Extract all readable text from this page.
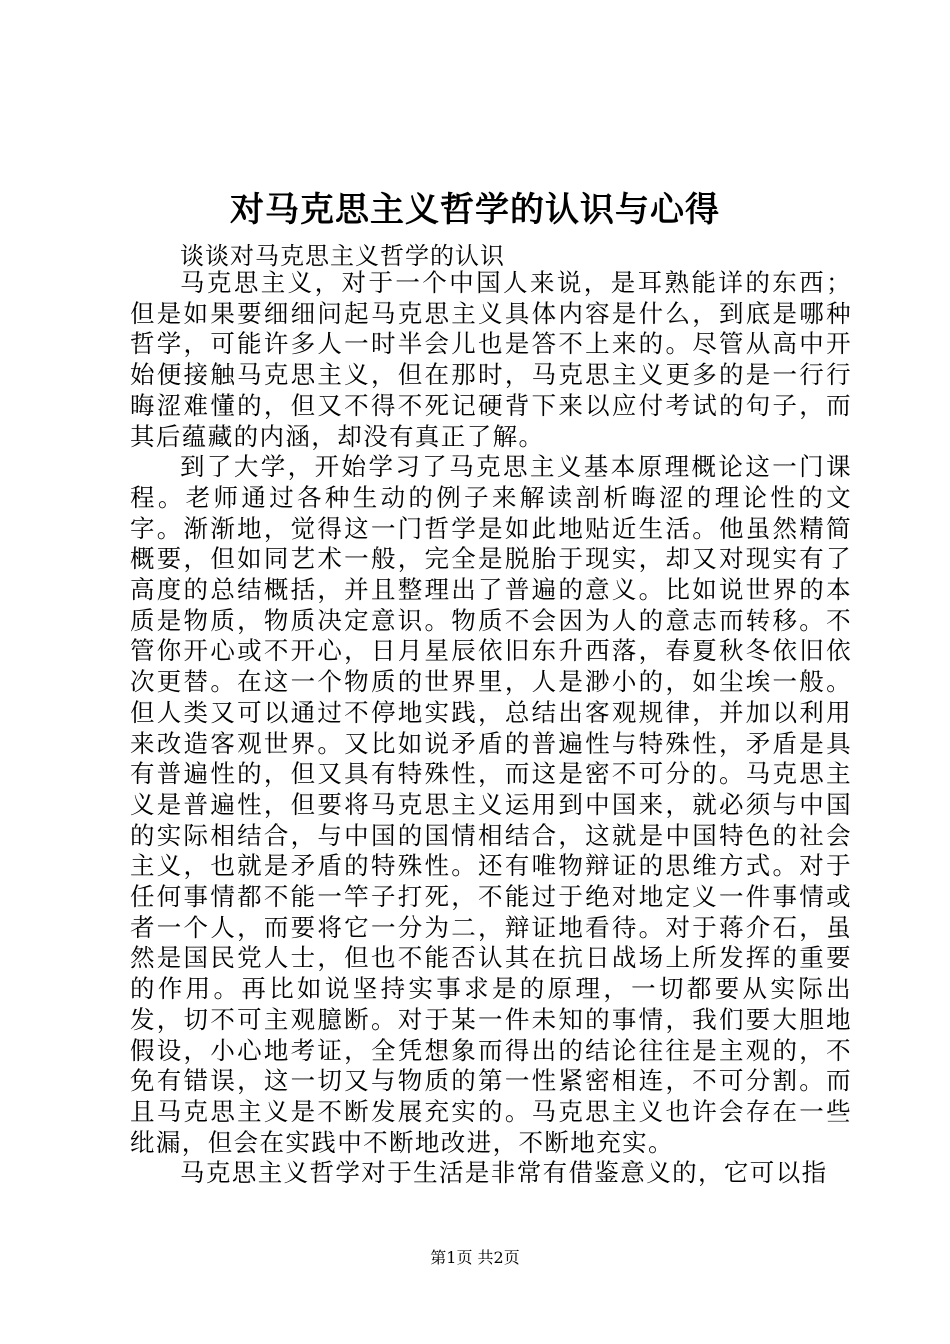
对马克思主义哲学的认识与心得
谈谈对马克思主义哲学的认识

马克思主义，对于一个中国人来说，是耳熟能详的东西；但是如果要细细问起马克思主义具体内容是什么，到底是哪种哲学，可能许多人一时半会儿也是答不上来的。尽管从高中开始便接触马克思主义，但在那时，马克思主义更多的是一行行晦涩难懂的，但又不得不死记硬背下来以应付考试的句子，而其后蕴藏的内涵，却没有真正了解。

到了大学，开始学习了马克思主义基本原理概论这一门课程。老师通过各种生动的例子来解读剖析晦涩的理论性的文字。渐渐地，觉得这一门哲学是如此地贴近生活。他虽然精简概要，但如同艺术一般，完全是脱胎于现实，却又对现实有了高度的总结概括，并且整理出了普遍的意义。比如说世界的本质是物质，物质决定意识。物质不会因为人的意志而转移。不管你开心或不开心，日月星辰依旧东升西落，春夏秋冬依旧依次更替。在这一个物质的世界里，人是渺小的，如尘埃一般。但人类又可以通过不停地实践，总结出客观规律，并加以利用来改造客观世界。又比如说矛盾的普遍性与特殊性，矛盾是具有普遍性的，但又具有特殊性，而这是密不可分的。马克思主义是普遍性，但要将马克思主义运用到中国来，就必须与中国的实际相结合，与中国的国情相结合，这就是中国特色的社会主义，也就是矛盾的特殊性。还有唯物辩证的思维方式。对于任何事情都不能一竿子打死，不能过于绝对地定义一件事情或者一个人，而要将它一分为二，辩证地看待。对于蒋介石，虽然是国民党人士，但也不能否认其在抗日战场上所发挥的重要的作用。再比如说坚持实事求是的原理，一切都要从实际出发，切不可主观臆断。对于某一件未知的事情，我们要大胆地假设，小心地考证，全凭想象而得出的结论往往是主观的，不免有错误，这一切又与物质的第一性紧密相连，不可分割。而且马克思主义是不断发展充实的。马克思主义也许会存在一些纰漏，但会在实践中不断地改进，不断地充实。

马克思主义哲学对于生活是非常有借鉴意义的，它可以指

第1页 共2页
